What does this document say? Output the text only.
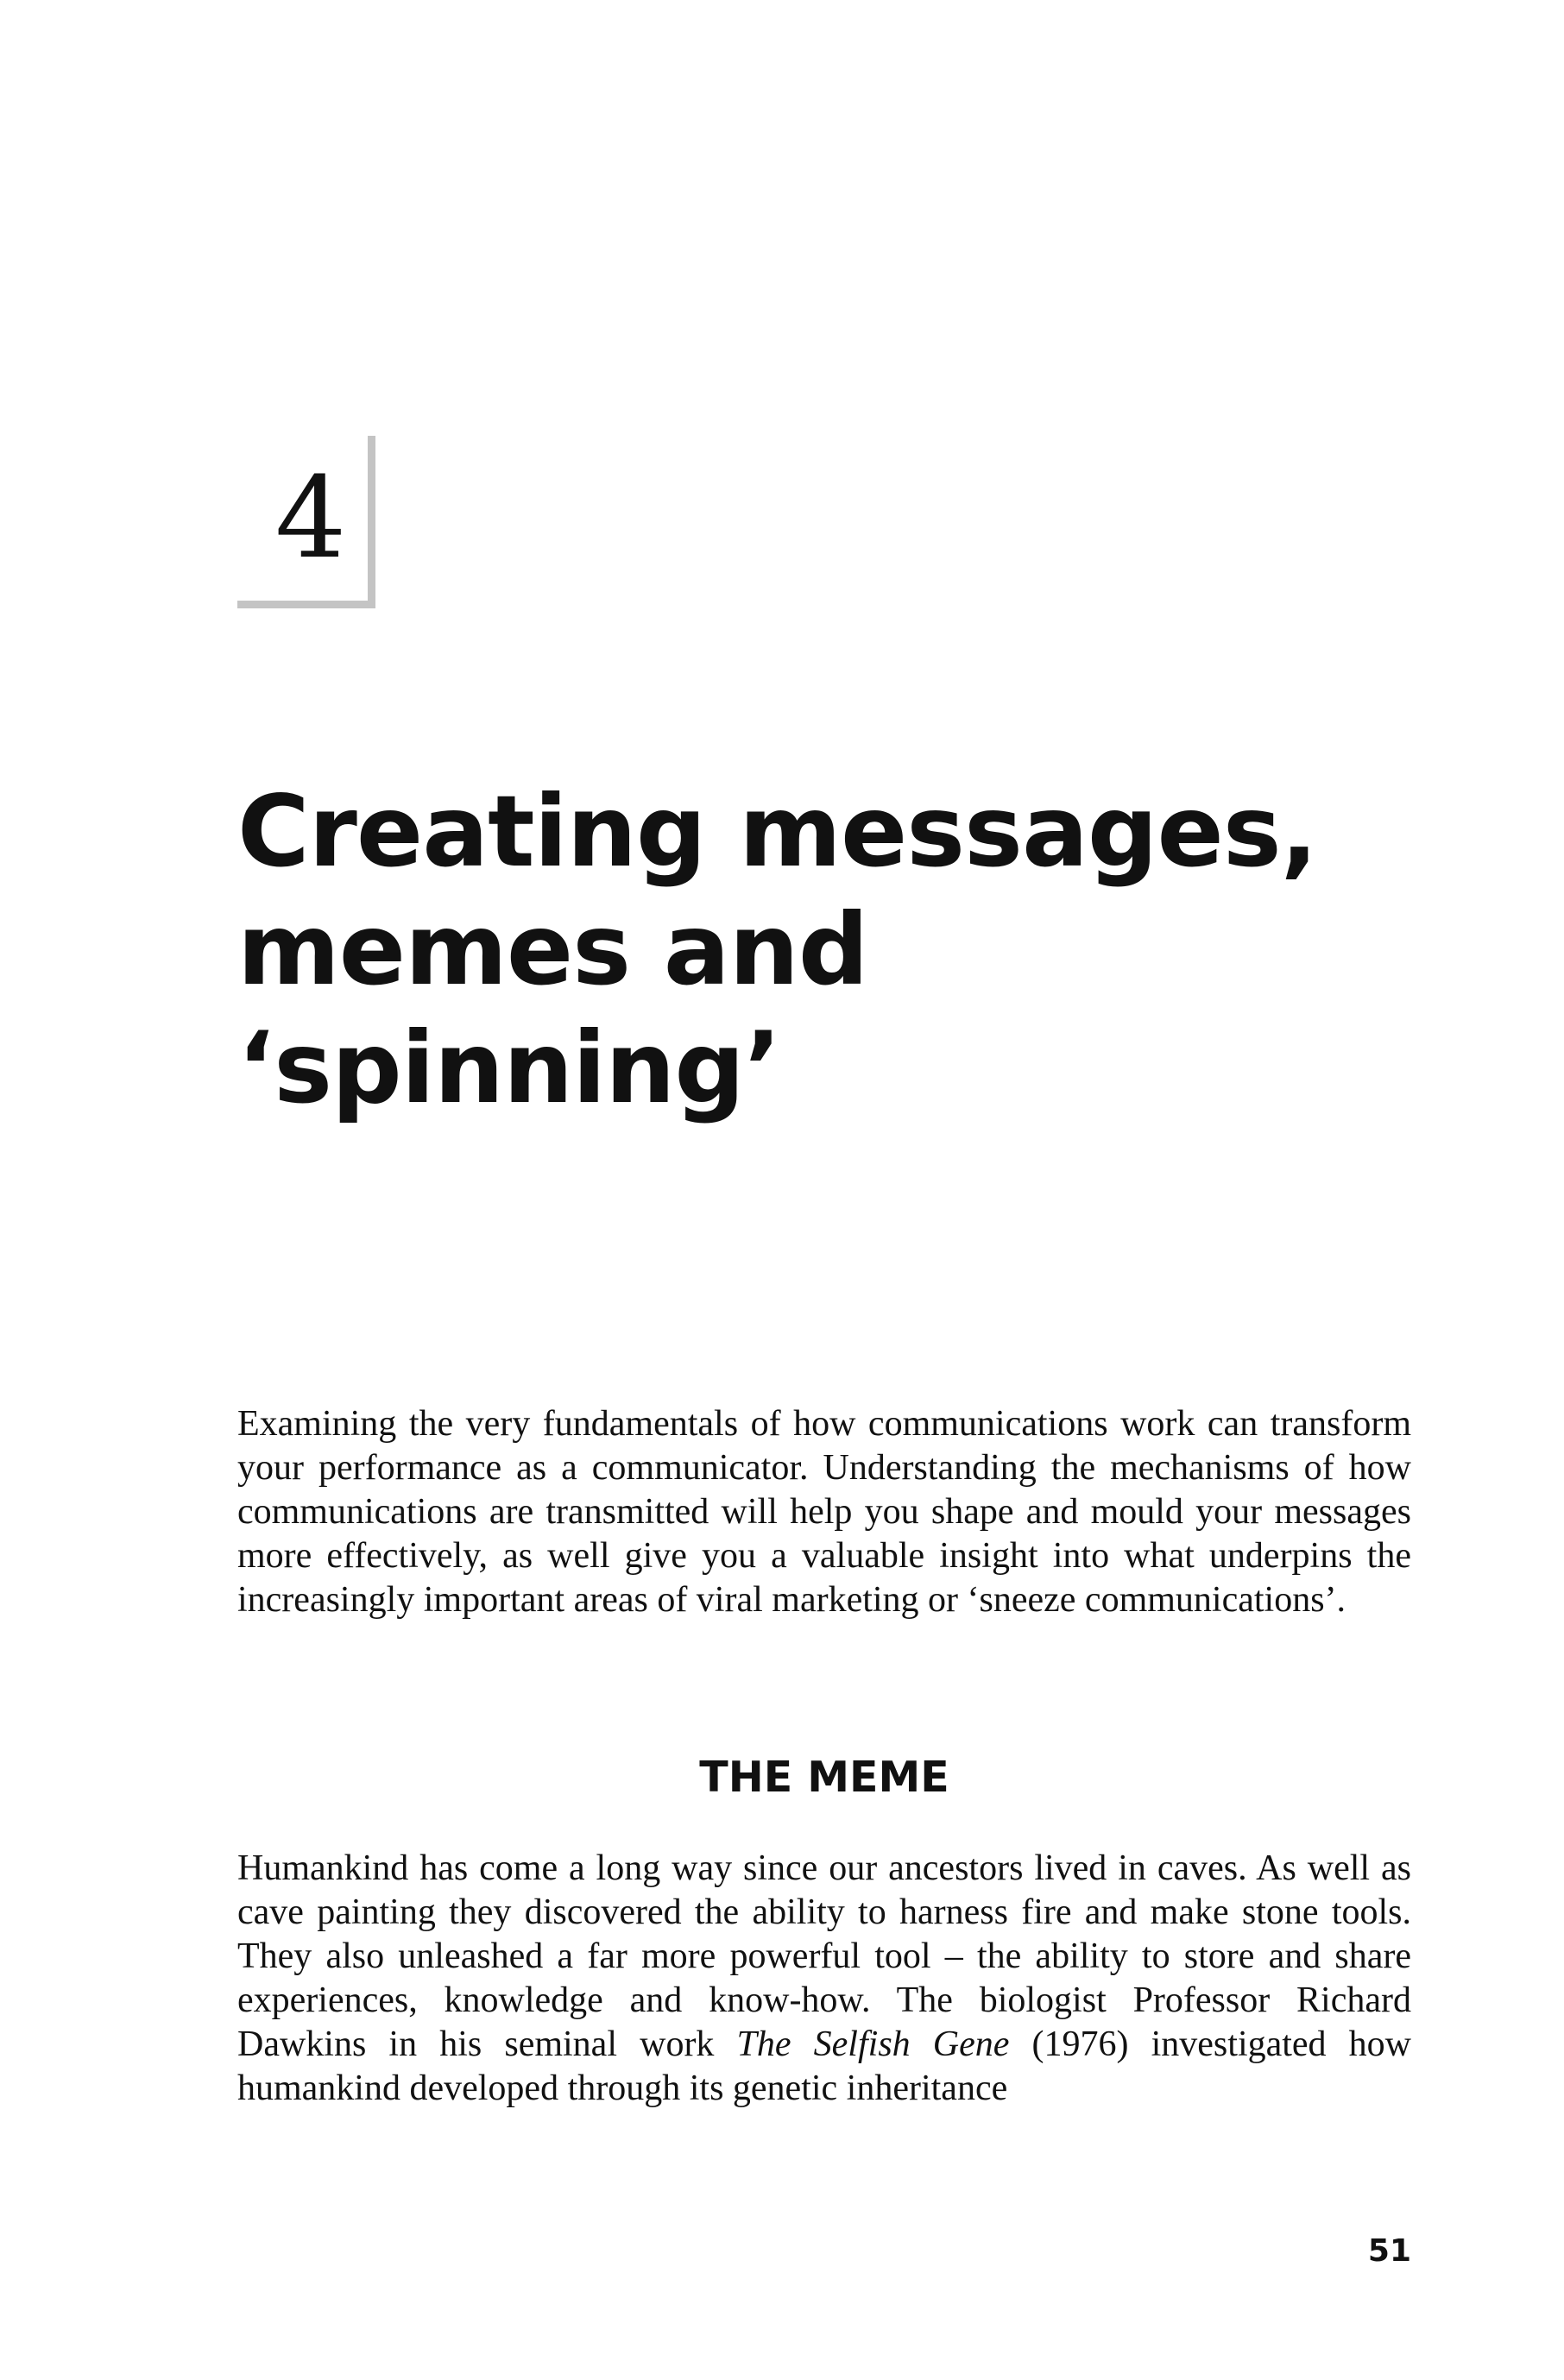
4

Creating messages,
memes and
‘spinning’

Examining the very fundamentals of how communications work can transform your performance as a communicator. Understanding the mechanisms of how communications are transmitted will help you shape and mould your messages more effectively, as well give you a valuable insight into what underpins the increasingly important areas of viral marketing or ‘sneeze communications’.

THE MEME

Humankind has come a long way since our ancestors lived in caves. As well as cave painting they discovered the ability to harness fire and make stone tools. They also unleashed a far more powerful tool – the ability to store and share experiences, knowledge and know-how. The biologist Professor Richard Dawkins in his seminal work The Selfish Gene (1976) investigated how humankind developed through its genetic inheritance

51
